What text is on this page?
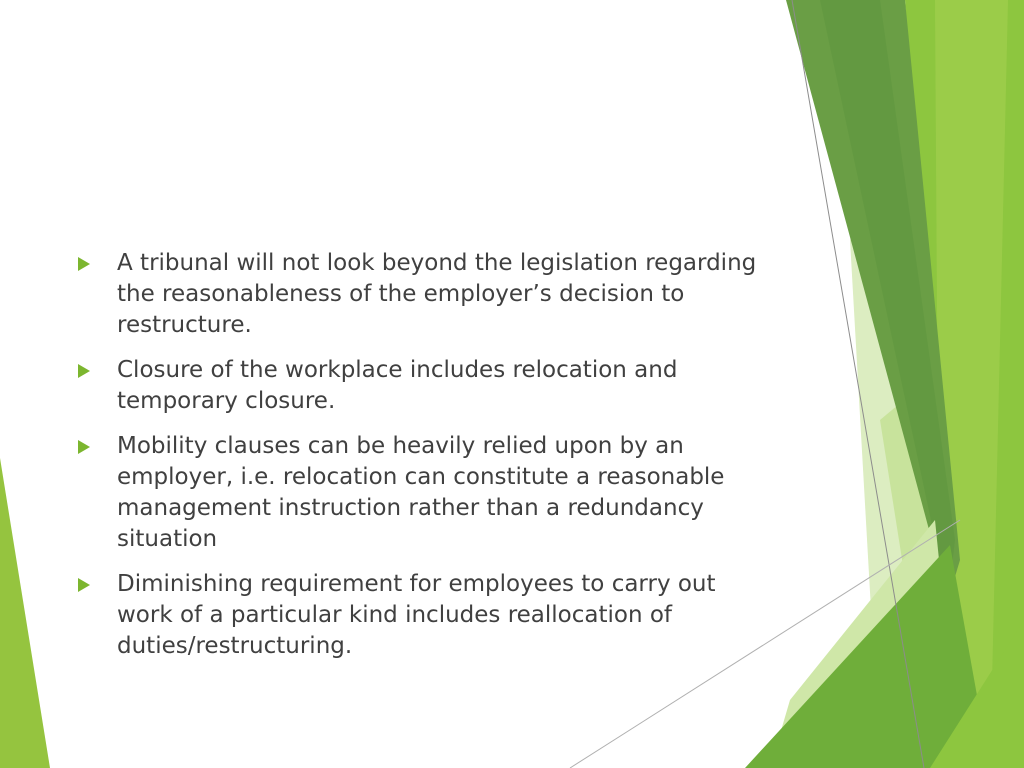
A tribunal will not look beyond the legislation regarding the reasonableness of the employer’s decision to restructure.
Closure of the workplace includes relocation and temporary closure.
Mobility clauses can be heavily relied upon by an employer, i.e. relocation can constitute a reasonable management instruction rather than a redundancy situation
Diminishing requirement for employees to carry out work of a particular kind includes reallocation of duties/restructuring.
